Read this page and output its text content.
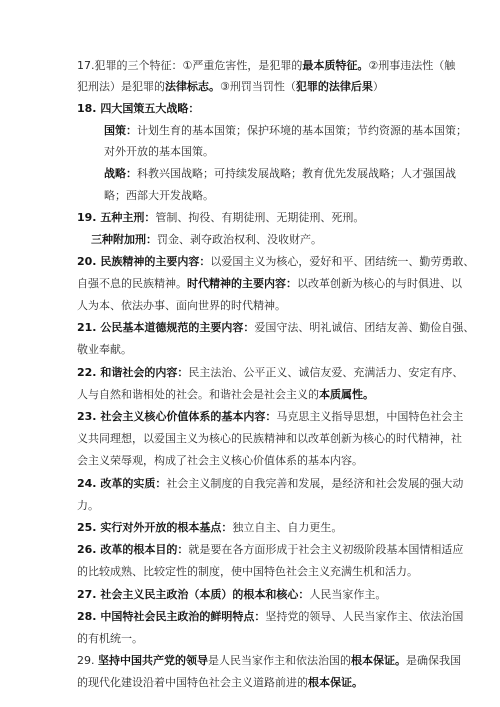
17.犯罪的三个特征：①严重危害性，是犯罪的最本质特征。②刑事违法性（触
犯刑法）是犯罪的法律标志。③刑罚当罚性（犯罪的法律后果）
18. 四大国策五大战略：
国策：计划生育的基本国策；保护环境的基本国策；节约资源的基本国策；
对外开放的基本国策。
战略：科教兴国战略；可持续发展战略；教育优先发展战略；人才强国战
略；西部大开发战略。
19. 五种主刑：管制、拘役、有期徒刑、无期徒刑、死刑。
三种附加刑：罚金、剥夺政治权利、没收财产。
20. 民族精神的主要内容：以爱国主义为核心，爱好和平、团结统一、勤劳勇敢、
自强不息的民族精神。时代精神的主要内容：以改革创新为核心的与时俱进、以
人为本、依法办事、面向世界的时代精神。
21. 公民基本道德规范的主要内容：爱国守法、明礼诚信、团结友善、勤俭自强、
敬业奉献。
22. 和谐社会的内容：民主法治、公平正义、诚信友爱、充满活力、安定有序、
人与自然和谐相处的社会。和谐社会是社会主义的本质属性。
23. 社会主义核心价值体系的基本内容：马克思主义指导思想，中国特色社会主
义共同理想，以爱国主义为核心的民族精神和以改革创新为核心的时代精神，社
会主义荣辱观，构成了社会主义核心价值体系的基本内容。
24. 改革的实质：社会主义制度的自我完善和发展，是经济和社会发展的强大动
力。
25. 实行对外开放的根本基点：独立自主、自力更生。
26. 改革的根本目的：就是要在各方面形成于社会主义初级阶段基本国情相适应
的比较成熟、比较定性的制度，使中国特色社会主义充满生机和活力。
27. 社会主义民主政治（本质）的根本和核心：人民当家作主。
28. 中国特社会民主政治的鲜明特点：坚持党的领导、人民当家作主、依法治国
的有机统一。
29. 坚持中国共产党的领导是人民当家作主和依法治国的根本保证。是确保我国
的现代化建设沿着中国特色社会主义道路前进的根本保证。
